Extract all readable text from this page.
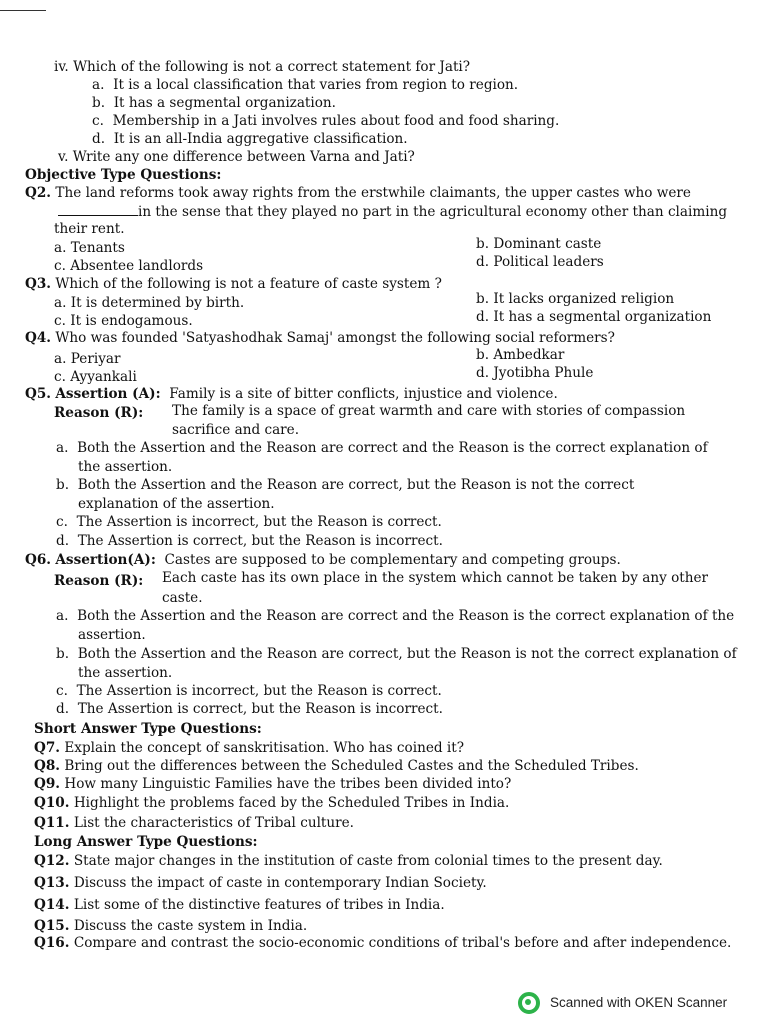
iv. Which of the following is not a correct statement for Jati?
a. It is a local classification that varies from region to region.
b. It has a segmental organization.
c. Membership in a Jati involves rules about food and food sharing.
d. It is an all-India aggregative classification.
v. Write any one difference between Varna and Jati?
Objective Type Questions:
Q2. The land reforms took away rights from the erstwhile claimants, the upper castes who were
in the sense that they played no part in the agricultural economy other than claiming
their rent.
a. Tenants	b. Dominant caste
c. Absentee landlords	d. Political leaders
Q3. Which of the following is not a feature of caste system ?
a. It is determined by birth.	b. It lacks organized religion
c. It is endogamous.	d. It has a segmental organization
Q4. Who was founded 'Satyashodhak Samaj' amongst the following social reformers?
a. Periyar	b. Ambedkar
c. Ayyankali	d. Jyotibha Phule
Q5. Assertion (A): Family is a site of bitter conflicts, injustice and violence.
Reason (R): The family is a space of great warmth and care with stories of compassion
sacrifice and care.
a. Both the Assertion and the Reason are correct and the Reason is the correct explanation of
the assertion.
b. Both the Assertion and the Reason are correct, but the Reason is not the correct
explanation of the assertion.
c. The Assertion is incorrect, but the Reason is correct.
d. The Assertion is correct, but the Reason is incorrect.
Q6. Assertion(A): Castes are supposed to be complementary and competing groups.
Reason (R): Each caste has its own place in the system which cannot be taken by any other
caste.
a. Both the Assertion and the Reason are correct and the Reason is the correct explanation of the
assertion.
b. Both the Assertion and the Reason are correct, but the Reason is not the correct explanation of
the assertion.
c. The Assertion is incorrect, but the Reason is correct.
d. The Assertion is correct, but the Reason is incorrect.
Short Answer Type Questions:
Q7. Explain the concept of sanskritisation. Who has coined it?
Q8. Bring out the differences between the Scheduled Castes and the Scheduled Tribes.
Q9. How many Linguistic Families have the tribes been divided into?
Q10. Highlight the problems faced by the Scheduled Tribes in India.
Q11. List the characteristics of Tribal culture.
Long Answer Type Questions:
Q12. State major changes in the institution of caste from colonial times to the present day.
Q13. Discuss the impact of caste in contemporary Indian Society.
Q14. List some of the distinctive features of tribes in India.
Q15. Discuss the caste system in India.
Q16. Compare and contrast the socio-economic conditions of tribal's before and after independence.
Scanned with OKEN Scanner
